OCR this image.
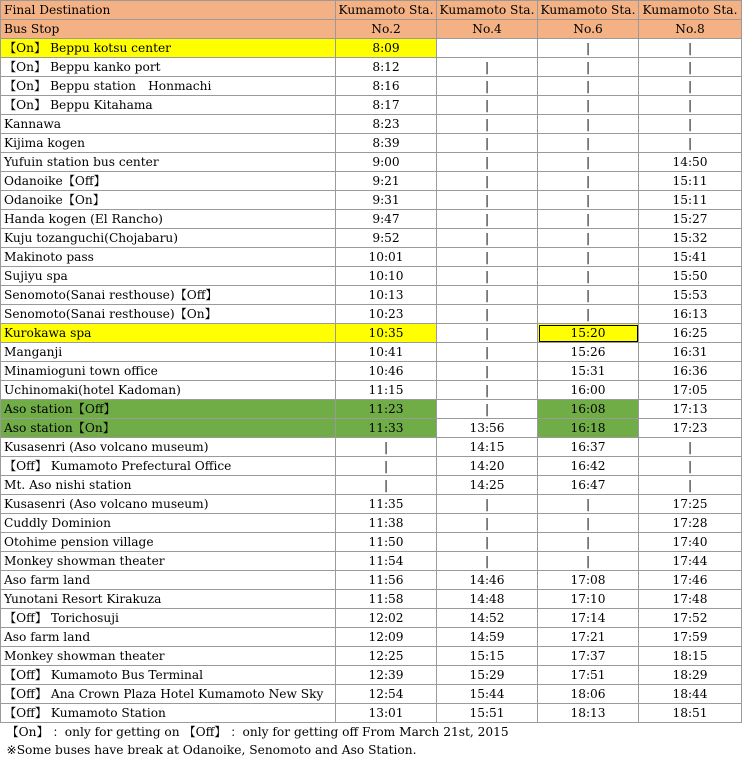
Final Destination	Kumamoto Sta.	Kumamoto Sta.	Kumamoto Sta.	Kumamoto Sta.
Bus Stop	No.2	No.4	No.6	No.8
【On】 Beppu kotsu center	8:09		|	|
【On】 Beppu kanko port	8:12	|	|	|
【On】 Beppu station　Honmachi	8:16	|	|	|
【On】 Beppu Kitahama	8:17	|	|	|
Kannawa	8:23	|	|	|
Kijima kogen	8:39	|	|	|
Yufuin station bus center	9:00	|	|	14:50
Odanoike【Off】	9:21	|	|	15:11
Odanoike【On】	9:31	|	|	15:11
Handa kogen (El Rancho)	9:47	|	|	15:27
Kuju tozanguchi(Chojabaru)	9:52	|	|	15:32
Makinoto pass	10:01	|	|	15:41
Sujiyu spa	10:10	|	|	15:50
Senomoto(Sanai resthouse)【Off】	10:13	|	|	15:53
Senomoto(Sanai resthouse)【On】	10:23	|	|	16:13
Kurokawa spa	10:35	|	15:20	16:25
Manganji	10:41	|	15:26	16:31
Minamioguni town office	10:46	|	15:31	16:36
Uchinomaki(hotel Kadoman)	11:15	|	16:00	17:05
Aso station【Off】	11:23	|	16:08	17:13
Aso station【On】	11:33	13:56	16:18	17:23
Kusasenri (Aso volcano museum)	|	14:15	16:37	|
【Off】 Kumamoto Prefectural Office	|	14:20	16:42	|
Mt. Aso nishi station	|	14:25	16:47	|
Kusasenri (Aso volcano museum)	11:35	|	|	17:25
Cuddly Dominion	11:38	|	|	17:28
Otohime pension village	11:50	|	|	17:40
Monkey showman theater	11:54	|	|	17:44
Aso farm land	11:56	14:46	17:08	17:46
Yunotani Resort Kirakuza	11:58	14:48	17:10	17:48
【Off】 Torichosuji	12:02	14:52	17:14	17:52
Aso farm land	12:09	14:59	17:21	17:59
Monkey showman theater	12:25	15:15	17:37	18:15
【Off】 Kumamoto Bus Terminal	12:39	15:29	17:51	18:29
【Off】 Ana Crown Plaza Hotel Kumamoto New Sky	12:54	15:44	18:06	18:44
【Off】 Kumamoto Station	13:01	15:51	18:13	18:51
【On】 ：only for getting on 【Off】 ：only for getting off From March 21st, 2015				
※Some buses have break at Odanoike, Senomoto and Aso Station.				
